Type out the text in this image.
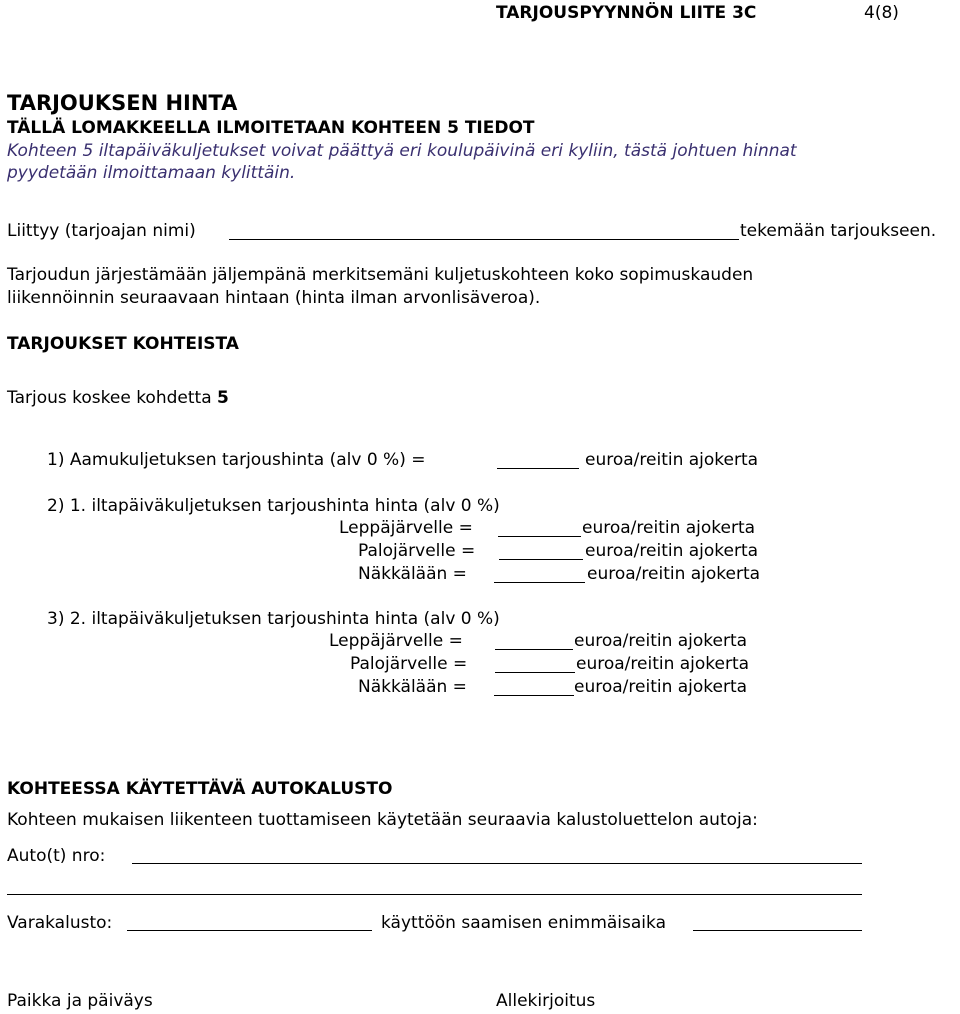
TARJOUSPYYNNÖN LIITE 3C	4(8)
TARJOUKSEN HINTA
TÄLLÄ LOMAKKEELLA ILMOITETAAN KOHTEEN 5 TIEDOT
Kohteen 5 iltapäiväkuljetukset voivat päättyä eri koulupäivinä eri kyliin, tästä johtuen hinnat
pyydetään ilmoittamaan kylittäin.
Liittyy (tarjoajan nimi)	tekemään tarjoukseen.
Tarjoudun järjestämään jäljempänä merkitsemäni kuljetuskohteen koko sopimuskauden
liikennöinnin seuraavaan hintaan (hinta ilman arvonlisäveroa).
TARJOUKSET KOHTEISTA
Tarjous koskee kohdetta 5
1) Aamukuljetuksen tarjoushinta (alv 0 %) =	euroa/reitin ajokerta
2) 1. iltapäiväkuljetuksen tarjoushinta hinta (alv 0 %)
Leppäjärvelle =	euroa/reitin ajokerta
Palojärvelle =	euroa/reitin ajokerta
Näkkälään =	euroa/reitin ajokerta
3) 2. iltapäiväkuljetuksen tarjoushinta hinta (alv 0 %)
Leppäjärvelle =	euroa/reitin ajokerta
Palojärvelle =	euroa/reitin ajokerta
Näkkälään =	euroa/reitin ajokerta
KOHTEESSA KÄYTETTÄVÄ AUTOKALUSTO
Kohteen mukaisen liikenteen tuottamiseen käytetään seuraavia kalustoluettelon autoja:
Auto(t) nro:
Varakalusto:	käyttöön saamisen enimmäisaika
Paikka ja päiväys	Allekirjoitus
